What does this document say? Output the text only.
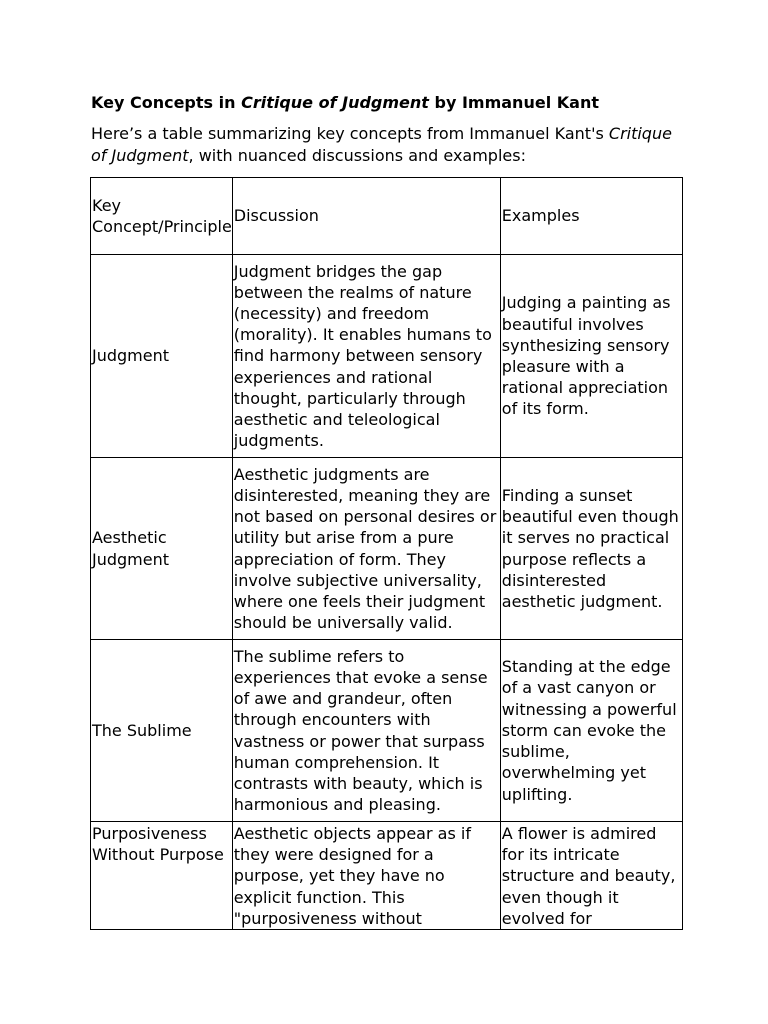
Key Concepts in Critique of Judgment by Immanuel Kant

Here’s a table summarizing key concepts from Immanuel Kant's Critique of Judgment, with nuanced discussions and examples:

Key Concept/Principle	Discussion	Examples
Judgment	Judgment bridges the gap between the realms of nature (necessity) and freedom (morality). It enables humans to find harmony between sensory experiences and rational thought, particularly through aesthetic and teleological judgments.	Judging a painting as beautiful involves synthesizing sensory pleasure with a rational appreciation of its form.
Aesthetic Judgment	Aesthetic judgments are disinterested, meaning they are not based on personal desires or utility but arise from a pure appreciation of form. They involve subjective universality, where one feels their judgment should be universally valid.	Finding a sunset beautiful even though it serves no practical purpose reflects a disinterested aesthetic judgment.
The Sublime	The sublime refers to experiences that evoke a sense of awe and grandeur, often through encounters with vastness or power that surpass human comprehension. It contrasts with beauty, which is harmonious and pleasing.	Standing at the edge of a vast canyon or witnessing a powerful storm can evoke the sublime, overwhelming yet uplifting.
Purposiveness Without Purpose	Aesthetic objects appear as if they were designed for a purpose, yet they have no explicit function. This "purposiveness without	A flower is admired for its intricate structure and beauty, even though it evolved for
